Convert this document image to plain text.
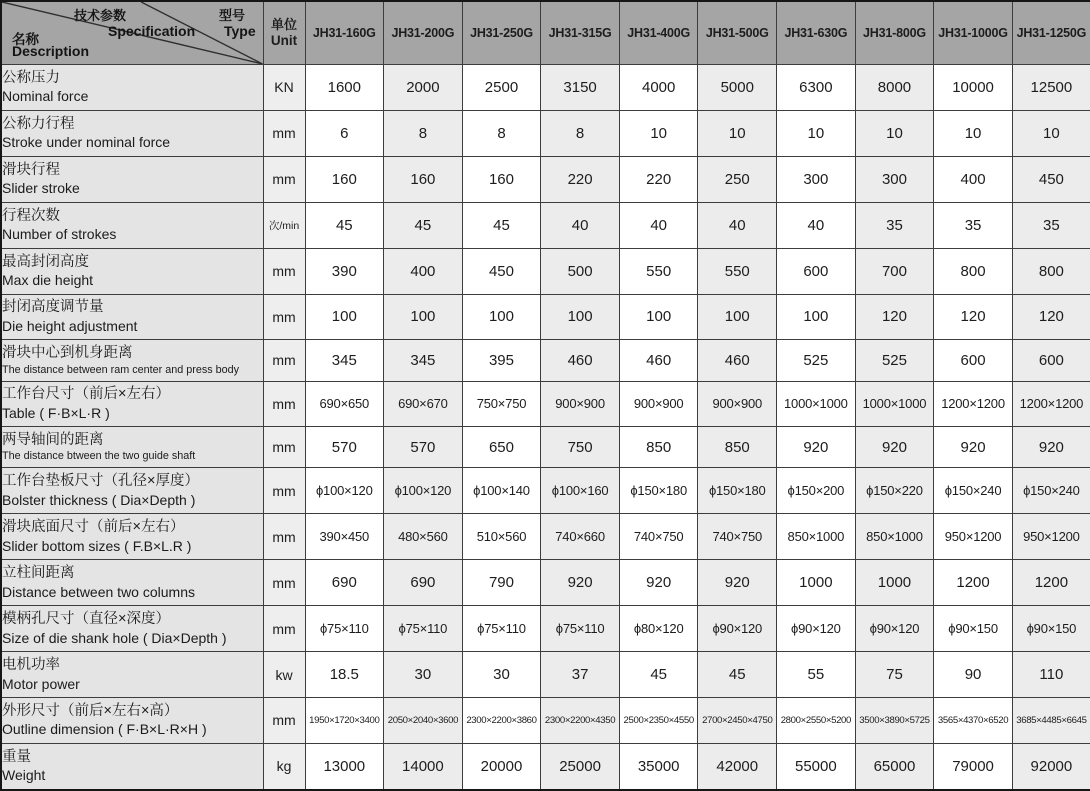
技术参数
Specification
型号
Type
名称
Description

单位
Unit	JH31-160G	JH31-200G	JH31-250G	JH31-315G	JH31-400G	JH31-500G	JH31-630G	JH31-800G	JH31-1000G	JH31-1250G

公称压力
Nominal force	KN	1600	2000	2500	3150	4000	5000	6300	8000	10000	12500

公称力行程
Stroke under nominal force	mm	6	8	8	8	10	10	10	10	10	10

滑块行程
Slider stroke	mm	160	160	160	220	220	250	300	300	400	450

行程次数
Number of strokes	次/min	45	45	45	40	40	40	40	35	35	35

最高封闭高度
Max die height	mm	390	400	450	500	550	550	600	700	800	800

封闭高度调节量
Die height adjustment	mm	100	100	100	100	100	100	100	120	120	120

滑块中心到机身距离
The distance between ram center and press body	mm	345	345	395	460	460	460	525	525	600	600

工作台尺寸（前后×左右）
Table ( F·B×L·R )	mm	690×650	690×670	750×750	900×900	900×900	900×900	1000×1000	1000×1000	1200×1200	1200×1200

两导轴间的距离
The distance btween the two guide shaft	mm	570	570	650	750	850	850	920	920	920	920

工作台垫板尺寸（孔径×厚度）
Bolster thickness ( Dia×Depth )	mm	ϕ100×120	ϕ100×120	ϕ100×140	ϕ100×160	ϕ150×180	ϕ150×180	ϕ150×200	ϕ150×220	ϕ150×240	ϕ150×240

滑块底面尺寸（前后×左右）
Slider bottom sizes ( F.B×L.R )	mm	390×450	480×560	510×560	740×660	740×750	740×750	850×1000	850×1000	950×1200	950×1200

立柱间距离
Distance between two columns	mm	690	690	790	920	920	920	1000	1000	1200	1200

模柄孔尺寸（直径×深度）
Size of die shank hole ( Dia×Depth )	mm	ϕ75×110	ϕ75×110	ϕ75×110	ϕ75×110	ϕ80×120	ϕ90×120	ϕ90×120	ϕ90×120	ϕ90×150	ϕ90×150

电机功率
Motor power	kw	18.5	30	30	37	45	45	55	75	90	110

外形尺寸（前后×左右×高）
Outline dimension ( F·B×L·R×H )	mm	1950×1720×3400	2050×2040×3600	2300×2200×3860	2300×2200×4350	2500×2350×4550	2700×2450×4750	2800×2550×5200	3500×3890×5725	3565×4370×6520	3685×4485×6645

重量
Weight	kg	13000	14000	20000	25000	35000	42000	55000	65000	79000	92000
